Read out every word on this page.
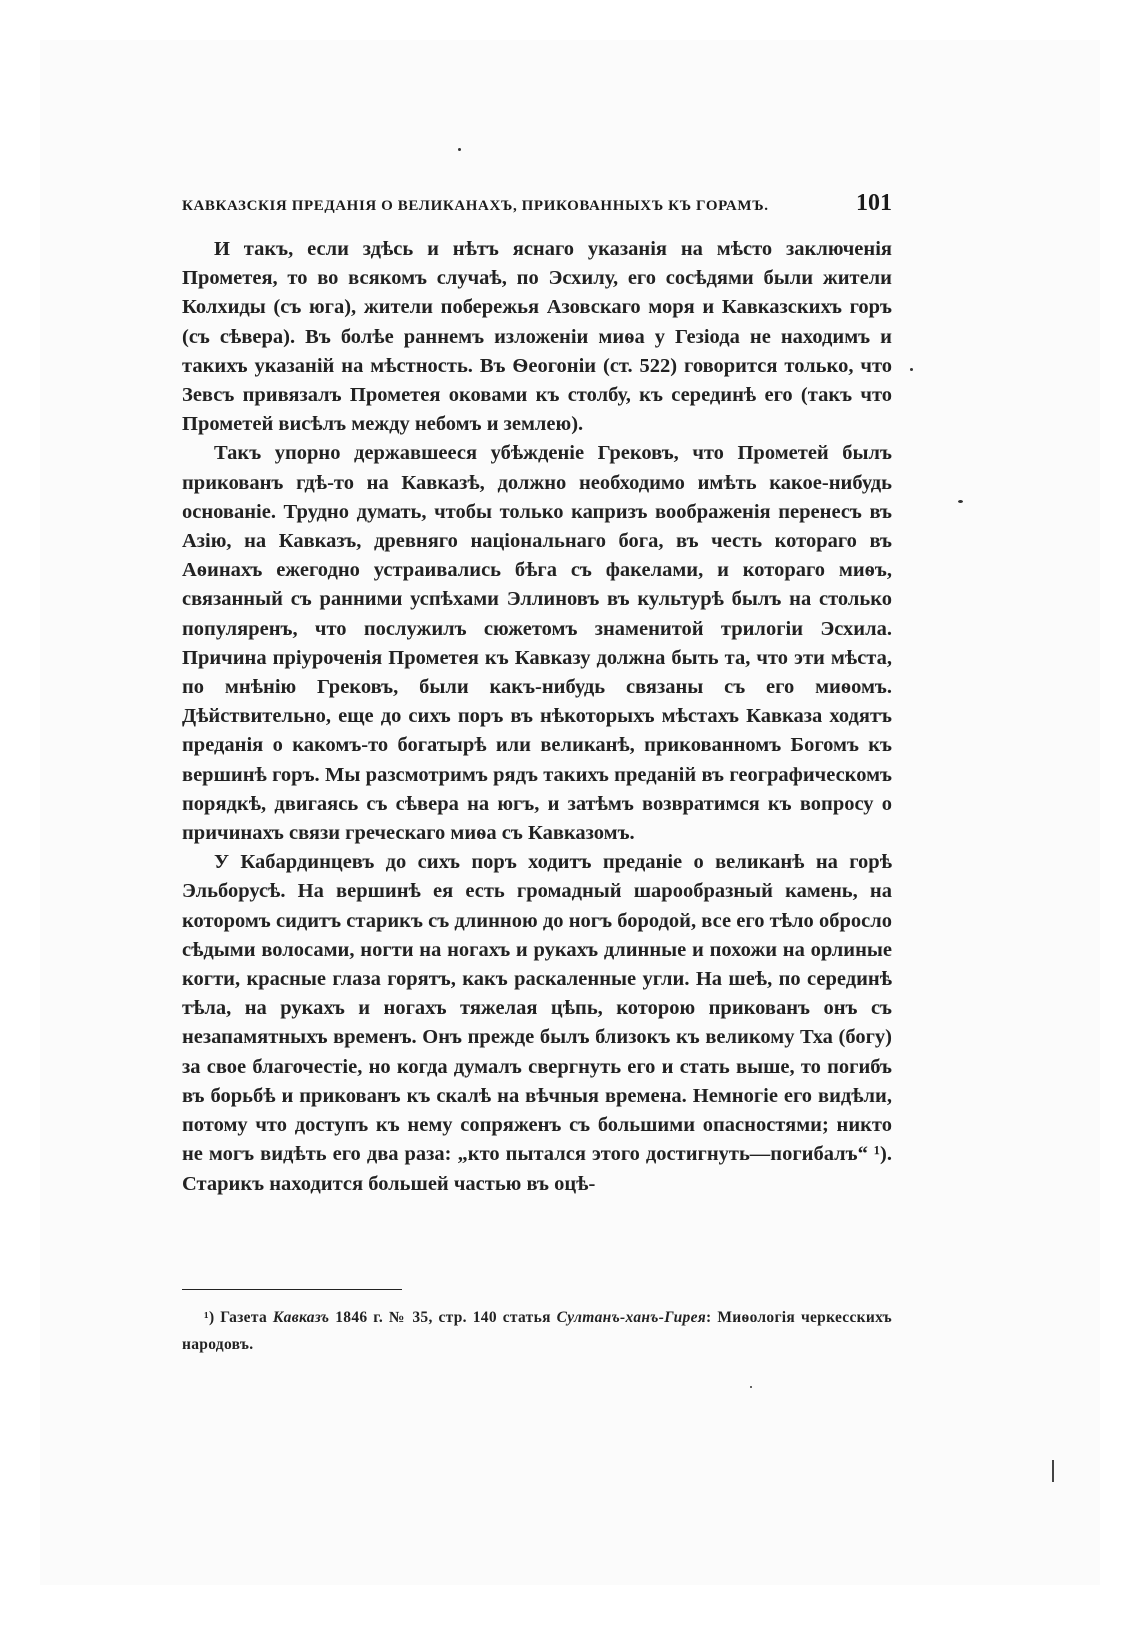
КАВКАЗСКІЯ ПРЕДАНІЯ О ВЕЛИКАНАХЪ, ПРИКОВАННЫХЪ КЪ ГОРАМЪ.	101

И такъ, если здѣсь и нѣтъ яснаго указанія на мѣсто заключенія Прометея, то во всякомъ случаѣ, по Эсхилу, его сосѣдями были жители Колхиды (съ юга), жители побережья Азовскаго моря и Кавказскихъ горъ (съ сѣвера). Въ болѣе раннемъ изложеніи миѳа у Гезіода не находимъ и такихъ указаній на мѣстность. Въ Ѳеогоніи (ст. 522) говорится только, что Зевсъ привязалъ Прометея оковами къ столбу, къ серединѣ его (такъ что Прометей висѣлъ между небомъ и землею).

Такъ упорно державшееся убѣжденіе Грековъ, что Прометей былъ прикованъ гдѣ-то на Кавказѣ, должно необходимо имѣть какое-нибудь основаніе. Трудно думать, чтобы только капризъ воображенія перенесъ въ Азію, на Кавказъ, древняго національнаго бога, въ честь котораго въ Аѳинахъ ежегодно устраивались бѣга съ факелами, и котораго миѳъ, связанный съ ранними успѣхами Эллиновъ въ культурѣ былъ на столько популяренъ, что послужилъ сюжетомъ знаменитой трилогіи Эсхила. Причина пріуроченія Прометея къ Кавказу должна быть та, что эти мѣста, по мнѣнію Грековъ, были какъ-нибудь связаны съ его миѳомъ. Дѣйствительно, еще до сихъ поръ въ нѣкоторыхъ мѣстахъ Кавказа ходятъ преданія о какомъ-то богатырѣ или великанѣ, прикованномъ Богомъ къ вершинѣ горъ. Мы разсмотримъ рядъ такихъ преданій въ географическомъ порядкѣ, двигаясь съ сѣвера на югъ, и затѣмъ возвратимся къ вопросу о причинахъ связи греческаго миѳа съ Кавказомъ.

У Кабардинцевъ до сихъ поръ ходитъ преданіе о великанѣ на горѣ Эльборусѣ. На вершинѣ ея есть громадный шарообразный камень, на которомъ сидитъ старикъ съ длинною до ногъ бородой, все его тѣло обросло сѣдыми волосами, ногти на ногахъ и рукахъ длинные и похожи на орлиные когти, красные глаза горятъ, какъ раскаленные угли. На шеѣ, по серединѣ тѣла, на рукахъ и ногахъ тяжелая цѣпь, которою прикованъ онъ съ незапамятныхъ временъ. Онъ прежде былъ близокъ къ великому Тха (богу) за свое благочестіе, но когда думалъ свергнуть его и стать выше, то погибъ въ борьбѣ и прикованъ къ скалѣ на вѣчныя времена. Немногіе его видѣли, потому что доступъ къ нему сопряженъ съ большими опасностями; никто не могъ видѣть его два раза: „кто пытался этого достигнуть—погибалъ“ ¹). Старикъ находится большей частью въ оцѣ-

¹) Газета Кавказъ 1846 г. № 35, стр. 140 статья Султанъ-ханъ-Гирея: Миѳологія черкесскихъ народовъ.
